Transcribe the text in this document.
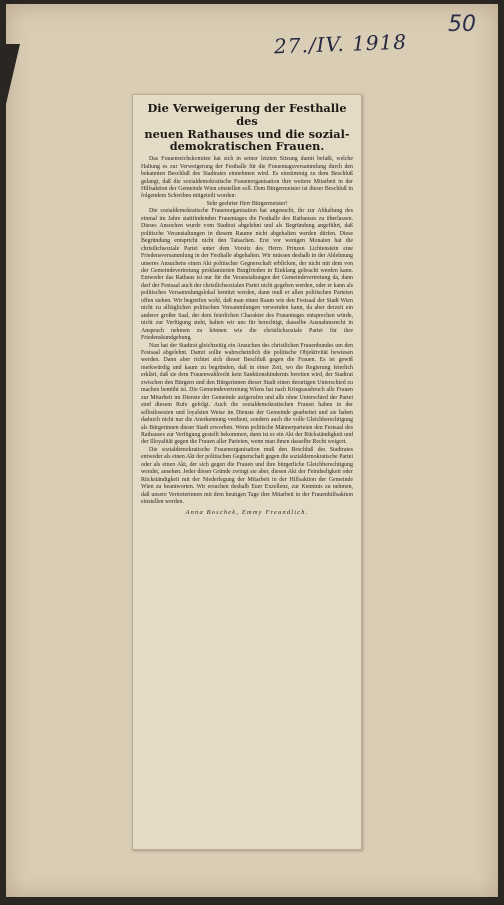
50
27./IV. 1918
Die Verweigerung der Festhalle des
neuen Rathauses und die sozial-
demokratischen Frauen.

Das Frauenreichskomitee hat sich in seiner letzten Sitzung damit befaßt, welche Haltung es zur Verweigerung der Festhalle für die Frauentagsversammlung durch den bekannten Beschluß des Stadtrates einnehmen wird. Es einstimmig zu dem Beschluß gelangt, daß die sozialdemokratische Frauenorganisation ihre weitere Mitarbeit in der Hilfsaktion der Gemeinde Wien einstellen soll. Dem Bürgermeister ist dieser Beschluß in folgendem Schreiben mitgeteilt worden:

Sehr geehrter Herr Bürgermeister!

Die sozialdemokratische Frauenorganisation hat angesucht, ihr zur Abhaltung des einmal im Jahre stattfindenden Frauentages die Festhalle des Rathauses zu überlassen. Dieses Ansuchen wurde vom Stadtrat abgelehnt und als Begründung angeführt, daß politische Veranstaltungen in diesem Raume nicht abgehalten werden dürfen. Diese Begründung entspricht nicht den Tatsachen. Erst vor wenigen Monaten hat die christlichsoziale Partei unter dem Vorsitz des Herrn Prinzen Lichtenstein eine Friedensversammlung in der Festhalle abgehalten. Wir müssen deshalb in der Ablehnung unseres Ansuchens einen Akt politischer Gegnerschaft erblicken, der nicht mit dem von der Gemeindevertretung proklamierten Burgfrieden in Einklang gebracht werden kann. Entweder das Rathaus ist nur für die Veranstaltungen der Gemeindevertretung da, dann darf der Festsaal auch der christlichsozialen Partei nicht gegeben werden, oder er kann als politisches Versammlungslokal benützt werden, dann muß er allen politischen Parteien offen stehen. Wir begreifen wohl, daß man einen Raum wie den Festsaal der Stadt Wien nicht zu alltäglichen politischen Versammlungen verwenden kann, da aber derzeit ein anderer großer Saal, der dem feierlichen Charakter des Frauentages entsprechen würde, nicht zur Verfügung steht, halten wir uns für berechtigt, dasselbe Ausnahmsrecht in Anspruch nehmen zu können wie die christlichsoziale Partei für ihre Friedenskundgebung.

Nun hat der Stadtrat gleichzeitig ein Ansuchen des christlichen Frauenbundes um den Festsaal abgelehnt. Damit sollte wahrscheinlich die politische Objektivität bewiesen werden. Dann aber richtet sich dieser Beschluß gegen die Frauen. Es ist gewiß merkwürdig und kaum zu begründen, daß in einer Zeit, wo die Regierung feierlich erklärt, daß sie dem Frauenwahlrecht kein Sanktionshindernis bereiten wird, der Stadtrat zwischen den Bürgern und den Bürgerinnen dieser Stadt einen derartigen Unterschied zu machen bemüht ist. Die Gemeindevertretung Wiens hat nach Kriegsausbruch alle Frauen zur Mitarbeit im Dienste der Gemeinde aufgerufen und alle ohne Unterschied der Partei sind diesem Rufe gefolgt. Auch die sozialdemokratischen Frauen haben in der selbstlosesten und loyalsten Weise im Dienste der Gemeinde gearbeitet und sie haben dadurch nicht nur die Anerkennung verdient, sondern auch die volle Gleichberechtigung als Bürgerinnen dieser Stadt erworben. Wenn politische Männerparteien den Festsaal des Rathauses zur Verfügung gestellt bekommen, dann ist es ein Akt der Rückständigkeit und der Illoyalität gegen die Frauen aller Parteien, wenn man ihnen dasselbe Recht weigert.

Die sozialdemokratische Frauenorganisation muß den Beschluß des Stadtrates entweder als einen Akt der politischen Gegnerschaft gegen die sozialdemokratische Partei oder als einen Akt, der sich gegen die Frauen und ihre bürgerliche Gleichberechtigung wendet, ansehen. Jeder dieser Gründe zwingt sie aber, diesen Akt der Feindseligkeit oder Rückständigkeit mit der Niederlegung der Mitarbeit in der Hilfsaktion der Gemeinde Wien zu beantworten. Wir ersuchen deshalb Euer Exzellenz, zur Kenntnis zu nehmen, daß unsere Vertreterinnen mit dem heutigen Tage ihre Mitarbeit in der Frauenhilfsaktion einstellen werden.

Anna Boschek, Emmy Freundlich.
